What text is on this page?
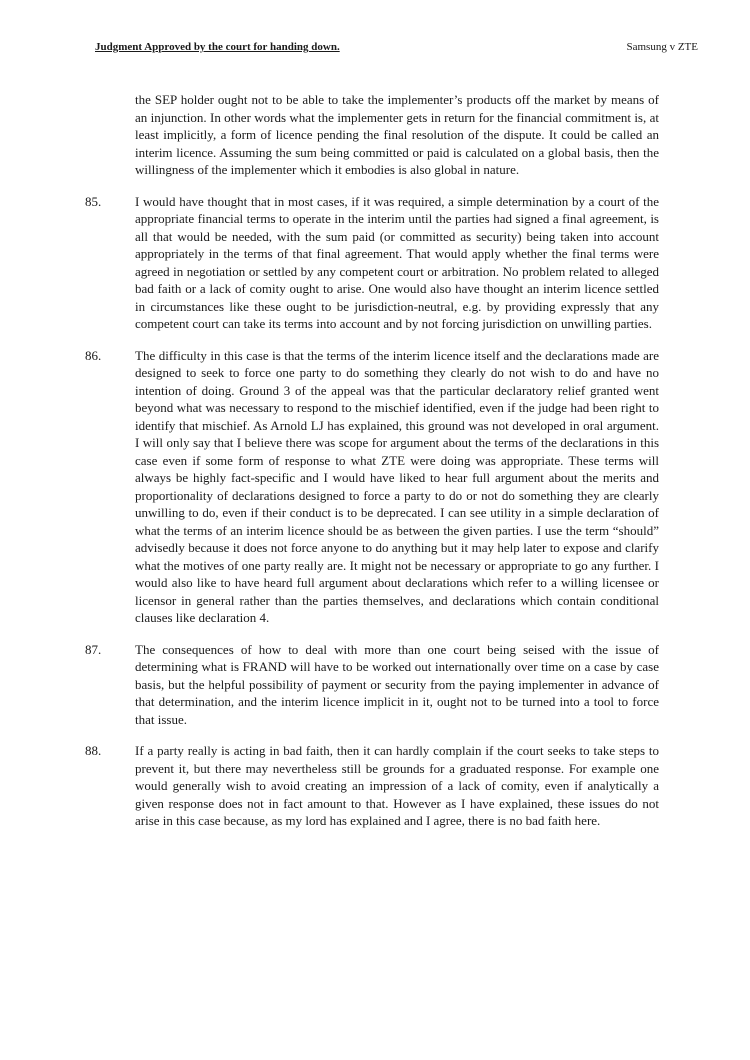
Judgment Approved by the court for handing down.	Samsung v ZTE
the SEP holder ought not to be able to take the implementer’s products off the market by means of an injunction. In other words what the implementer gets in return for the financial commitment is, at least implicitly, a form of licence pending the final resolution of the dispute. It could be called an interim licence. Assuming the sum being committed or paid is calculated on a global basis, then the willingness of the implementer which it embodies is also global in nature.
85.	I would have thought that in most cases, if it was required, a simple determination by a court of the appropriate financial terms to operate in the interim until the parties had signed a final agreement, is all that would be needed, with the sum paid (or committed as security) being taken into account appropriately in the terms of that final agreement. That would apply whether the final terms were agreed in negotiation or settled by any competent court or arbitration. No problem related to alleged bad faith or a lack of comity ought to arise. One would also have thought an interim licence settled in circumstances like these ought to be jurisdiction-neutral, e.g. by providing expressly that any competent court can take its terms into account and by not forcing jurisdiction on unwilling parties.
86.	The difficulty in this case is that the terms of the interim licence itself and the declarations made are designed to seek to force one party to do something they clearly do not wish to do and have no intention of doing. Ground 3 of the appeal was that the particular declaratory relief granted went beyond what was necessary to respond to the mischief identified, even if the judge had been right to identify that mischief. As Arnold LJ has explained, this ground was not developed in oral argument. I will only say that I believe there was scope for argument about the terms of the declarations in this case even if some form of response to what ZTE were doing was appropriate. These terms will always be highly fact-specific and I would have liked to hear full argument about the merits and proportionality of declarations designed to force a party to do or not do something they are clearly unwilling to do, even if their conduct is to be deprecated. I can see utility in a simple declaration of what the terms of an interim licence should be as between the given parties. I use the term “should” advisedly because it does not force anyone to do anything but it may help later to expose and clarify what the motives of one party really are. It might not be necessary or appropriate to go any further. I would also like to have heard full argument about declarations which refer to a willing licensee or licensor in general rather than the parties themselves, and declarations which contain conditional clauses like declaration 4.
87.	The consequences of how to deal with more than one court being seised with the issue of determining what is FRAND will have to be worked out internationally over time on a case by case basis, but the helpful possibility of payment or security from the paying implementer in advance of that determination, and the interim licence implicit in it, ought not to be turned into a tool to force that issue.
88.	If a party really is acting in bad faith, then it can hardly complain if the court seeks to take steps to prevent it, but there may nevertheless still be grounds for a graduated response. For example one would generally wish to avoid creating an impression of a lack of comity, even if analytically a given response does not in fact amount to that. However as I have explained, these issues do not arise in this case because, as my lord has explained and I agree, there is no bad faith here.
